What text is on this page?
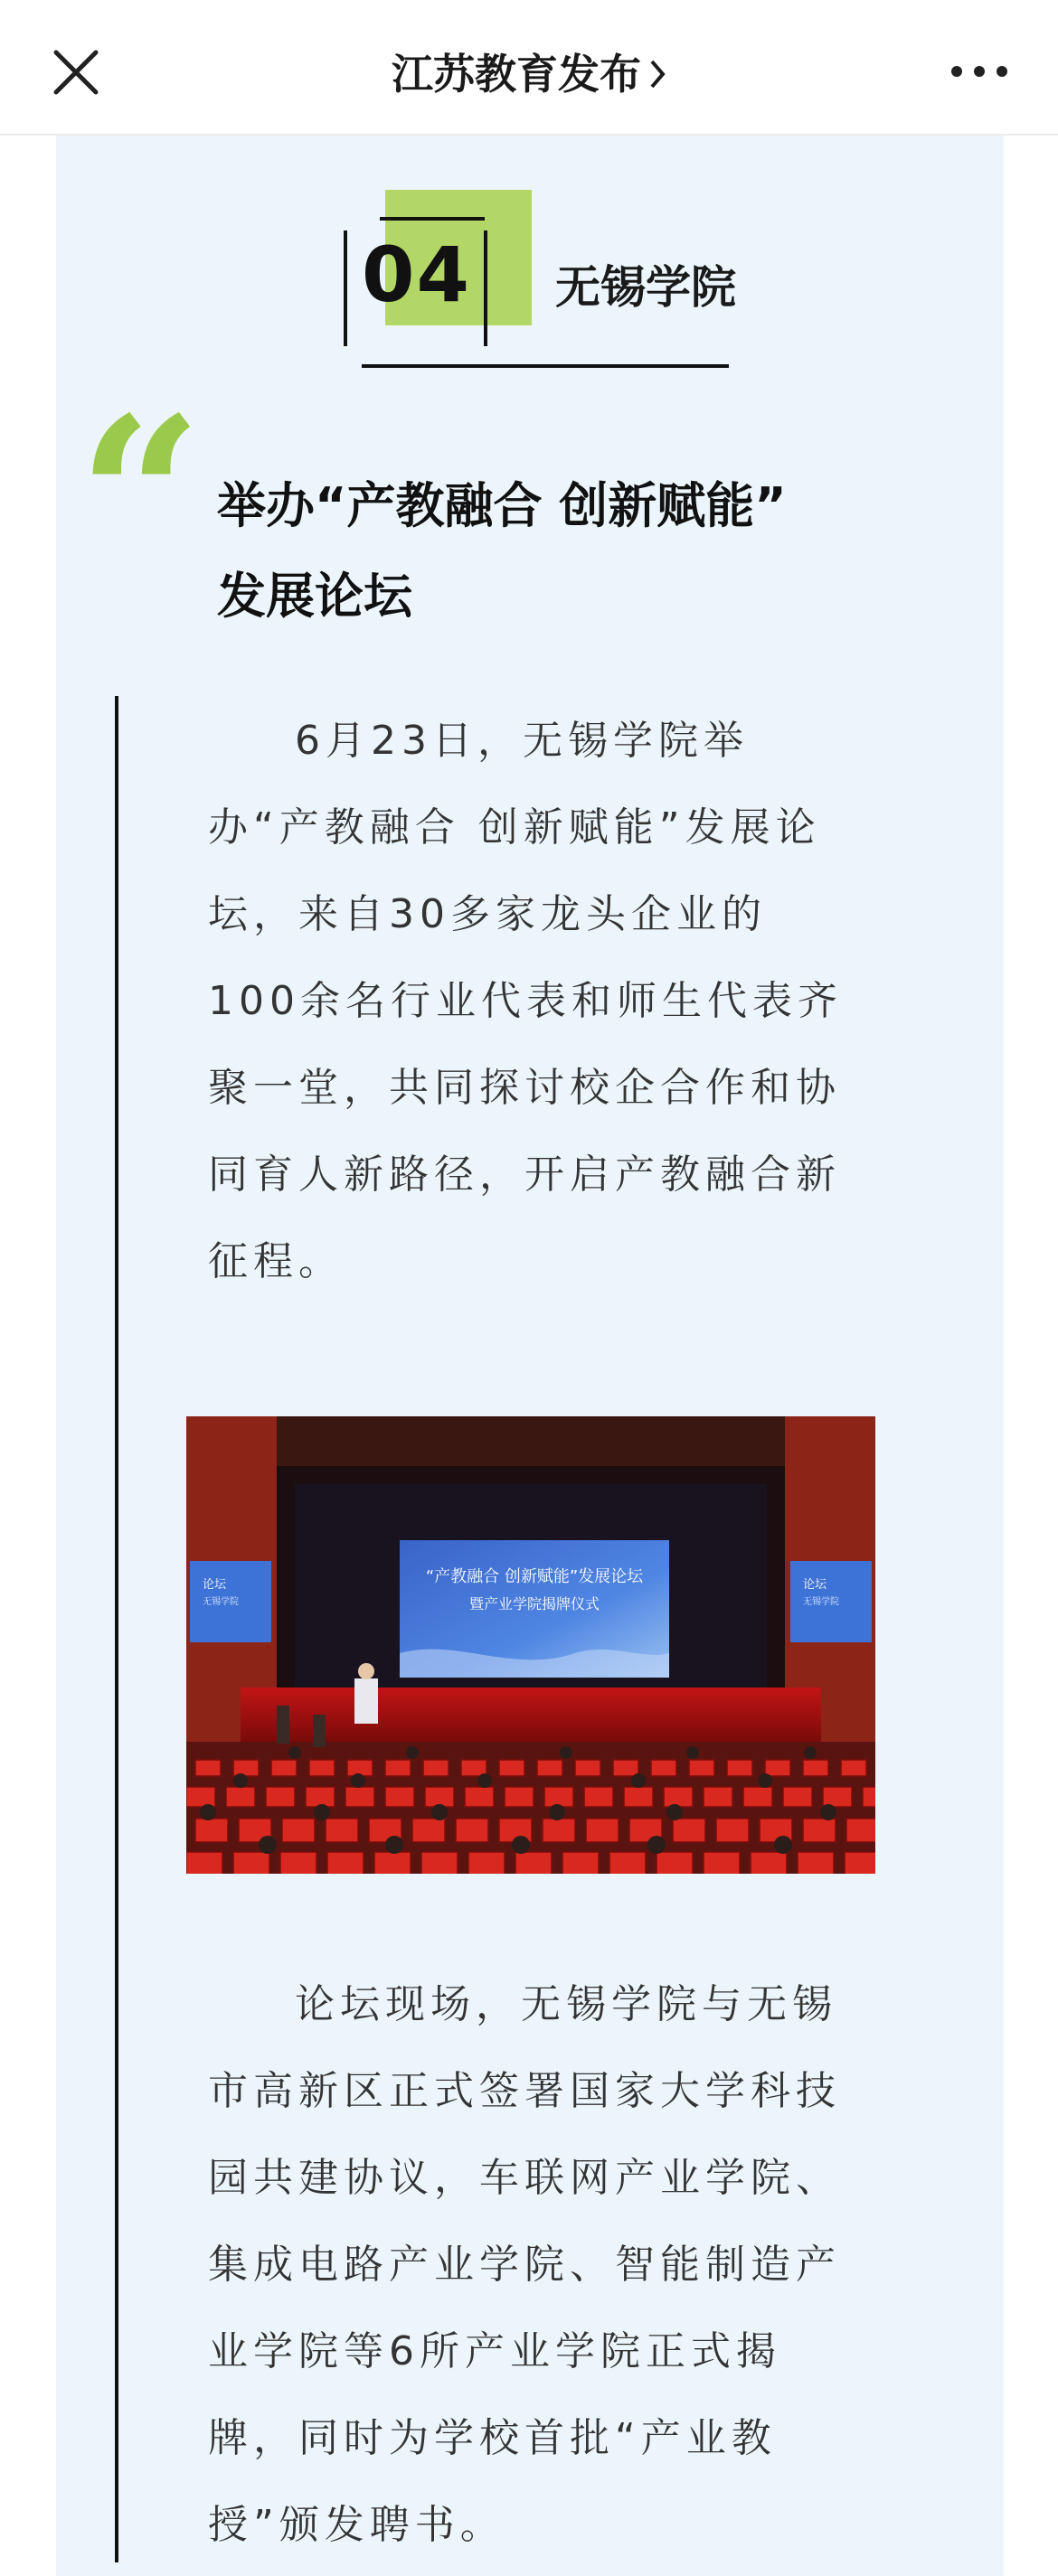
江苏教育发布
04 无锡学院
“ 举办“产教融合 创新赋能”
发展论坛

6月23日，无锡学院举办“产教融合 创新赋能”发展论坛，来自30多家龙头企业的100余名行业代表和师生代表齐聚一堂，共同探讨校企合作和协同育人新路径，开启产教融合新征程。

“产教融合 创新赋能”发展论坛
暨产业学院揭牌仪式
论坛
无锡学院
论坛
无锡学院

论坛现场，无锡学院与无锡市高新区正式签署国家大学科技园共建协议，车联网产业学院、集成电路产业学院、智能制造产业学院等6所产业学院正式揭牌，同时为学校首批“产业教授”颁发聘书。
